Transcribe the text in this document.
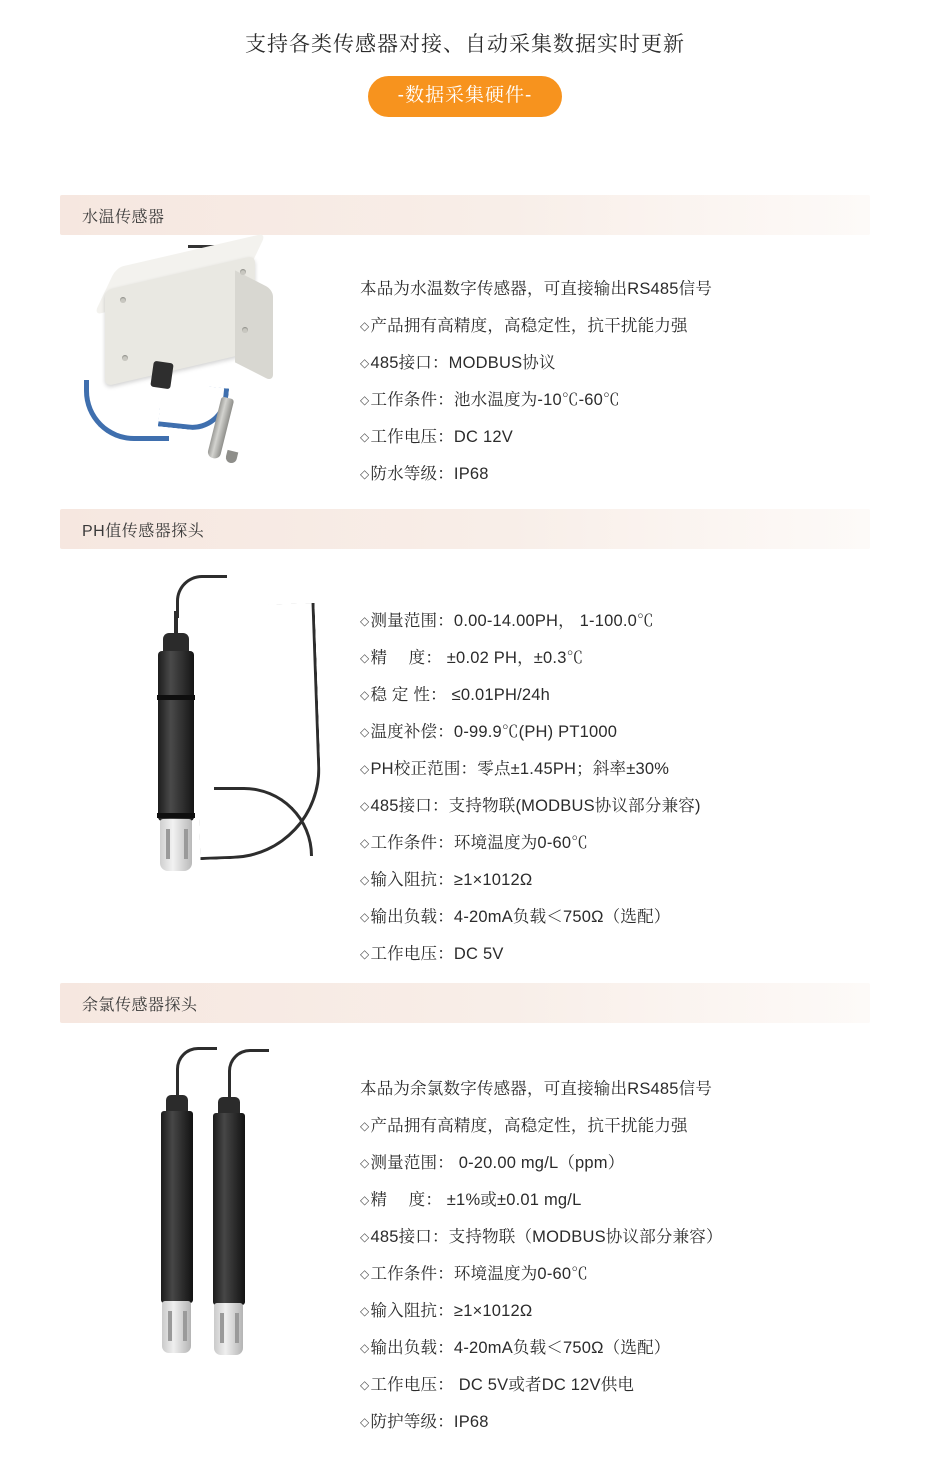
支持各类传感器对接、自动采集数据实时更新
-数据采集硬件-
水温传感器
本品为水温数字传感器，可直接输出RS485信号
◇产品拥有高精度，高稳定性，抗干扰能力强
◇485接口：MODBUS协议
◇工作条件：池水温度为-10℃-60℃
◇工作电压：DC 12V
◇防水等级：IP68
PH值传感器探头
◇测量范围：0.00-14.00PH， 1-100.0℃
◇精　 度： ±0.02 PH，±0.3℃
◇稳 定 性： ≤0.01PH/24h
◇温度补偿：0-99.9℃(PH) PT1000
◇PH校正范围：零点±1.45PH；斜率±30%
◇485接口：支持物联(MODBUS协议部分兼容)
◇工作条件：环境温度为0-60℃
◇输入阻抗：≥1×1012Ω
◇输出负载：4-20mA负载＜750Ω（选配）
◇工作电压：DC 5V
余氯传感器探头
本品为余氯数字传感器，可直接输出RS485信号
◇产品拥有高精度，高稳定性，抗干扰能力强
◇测量范围： 0-20.00 mg/L（ppm）
◇精　 度： ±1%或±0.01 mg/L
◇485接口：支持物联（MODBUS协议部分兼容）
◇工作条件：环境温度为0-60℃
◇输入阻抗：≥1×1012Ω
◇输出负载：4-20mA负载＜750Ω（选配）
◇工作电压： DC 5V或者DC 12V供电
◇防护等级：IP68
